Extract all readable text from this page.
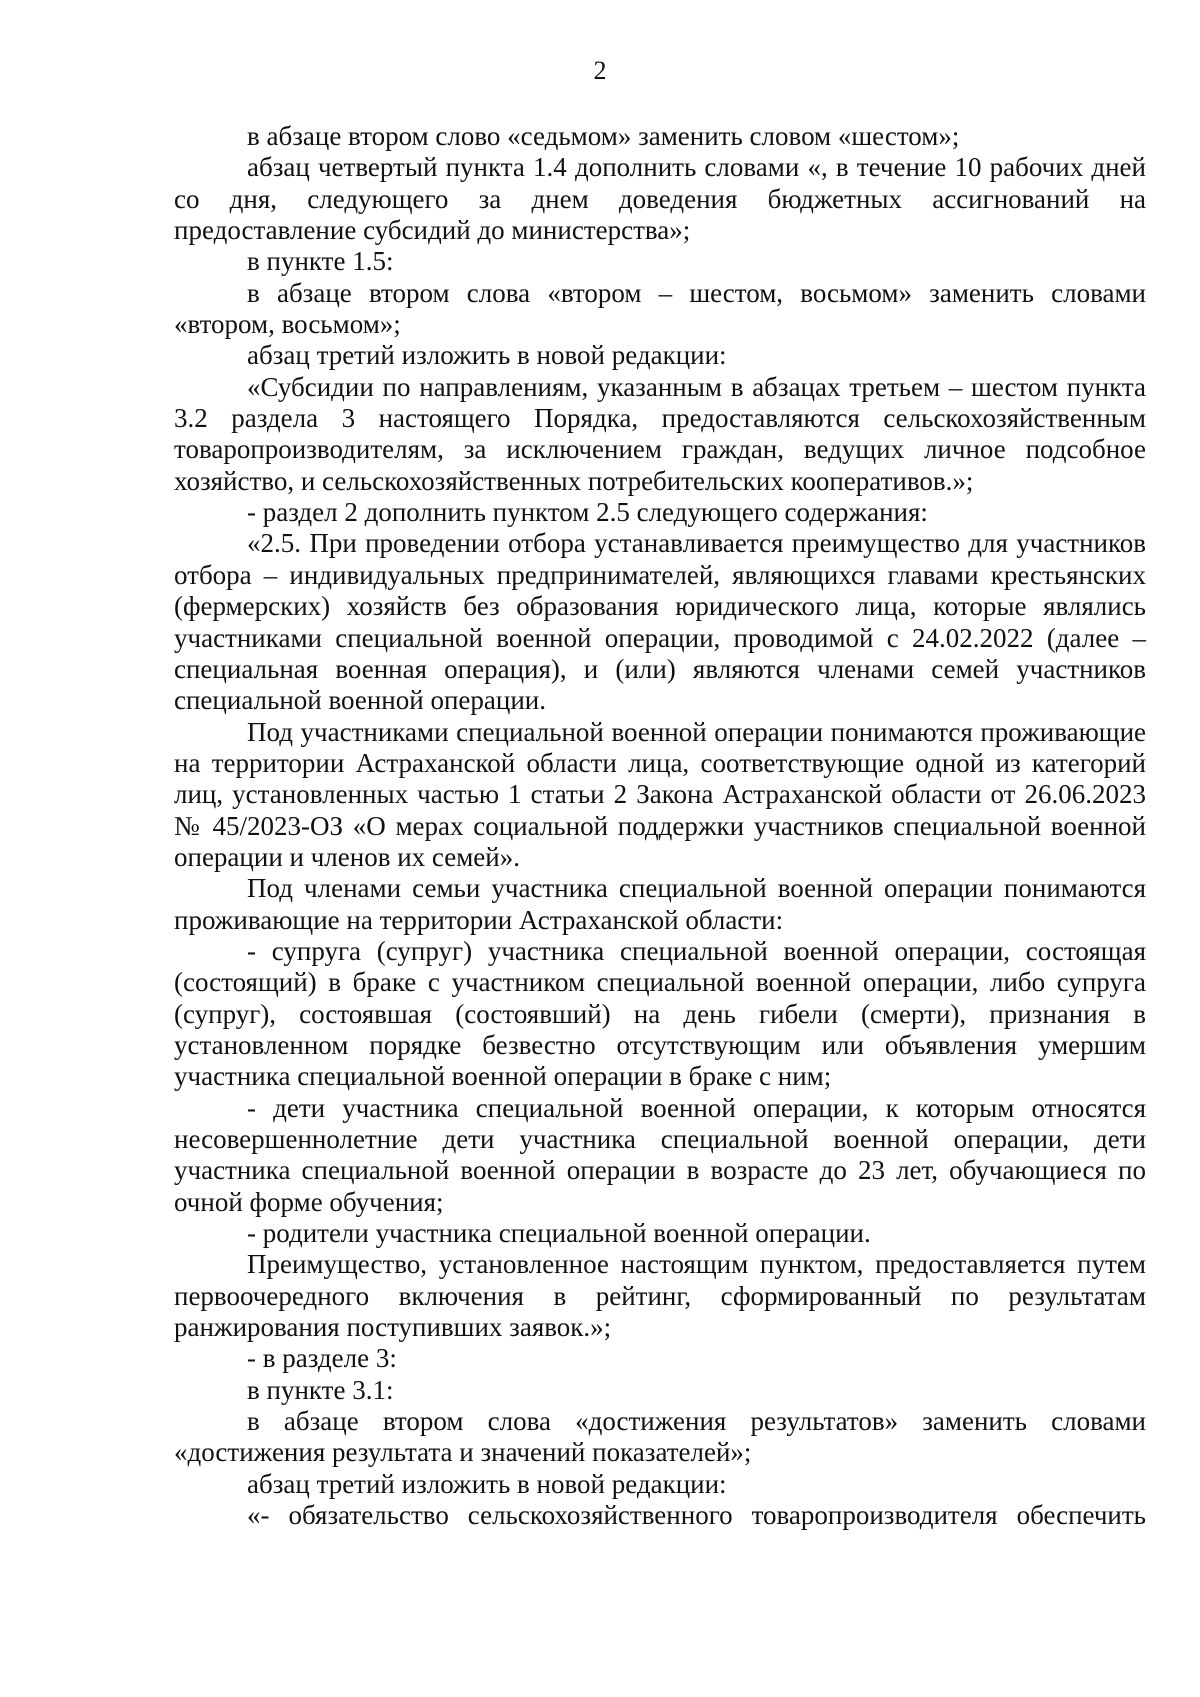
2

в абзаце втором слово «седьмом» заменить словом «шестом»;

абзац четвертый пункта 1.4 дополнить словами «, в течение 10 рабочих дней со дня, следующего за днем доведения бюджетных ассигнований на предоставление субсидий до министерства»;

в пункте 1.5:

в абзаце втором слова «втором – шестом, восьмом» заменить словами «втором, восьмом»;

абзац третий изложить в новой редакции:

«Субсидии по направлениям, указанным в абзацах третьем – шестом пункта 3.2 раздела 3 настоящего Порядка, предоставляются сельскохозяйственным товаропроизводителям, за исключением граждан, ведущих личное подсобное хозяйство, и сельскохозяйственных потребительских кооперативов.»;

- раздел 2 дополнить пунктом 2.5 следующего содержания:

«2.5. При проведении отбора устанавливается преимущество для участников отбора – индивидуальных предпринимателей, являющихся главами крестьянских (фермерских) хозяйств без образования юридического лица, которые являлись участниками специальной военной операции, проводимой с 24.02.2022 (далее – специальная военная операция), и (или) являются членами семей участников специальной военной операции.

Под участниками специальной военной операции понимаются проживающие на территории Астраханской области лица, соответствующие одной из категорий лиц, установленных частью 1 статьи 2 Закона Астраханской области от 26.06.2023 № 45/2023-ОЗ «О мерах социальной поддержки участников специальной военной операции и членов их семей».

Под членами семьи участника специальной военной операции понимаются проживающие на территории Астраханской области:

- супруга (супруг) участника специальной военной операции, состоящая (состоящий) в браке с участником специальной военной операции, либо супруга (супруг), состоявшая (состоявший) на день гибели (смерти), признания в установленном порядке безвестно отсутствующим или объявления умершим участника специальной военной операции в браке с ним;

- дети участника специальной военной операции, к которым относятся несовершеннолетние дети участника специальной военной операции, дети участника специальной военной операции в возрасте до 23 лет, обучающиеся по очной форме обучения;

- родители участника специальной военной операции.

Преимущество, установленное настоящим пунктом, предоставляется путем первоочередного включения в рейтинг, сформированный по результатам ранжирования поступивших заявок.»;

- в разделе 3:

в пункте 3.1:

в абзаце втором слова «достижения результатов» заменить словами «достижения результата и значений показателей»;

абзац третий изложить в новой редакции:

«- обязательство сельскохозяйственного товаропроизводителя обеспечить
